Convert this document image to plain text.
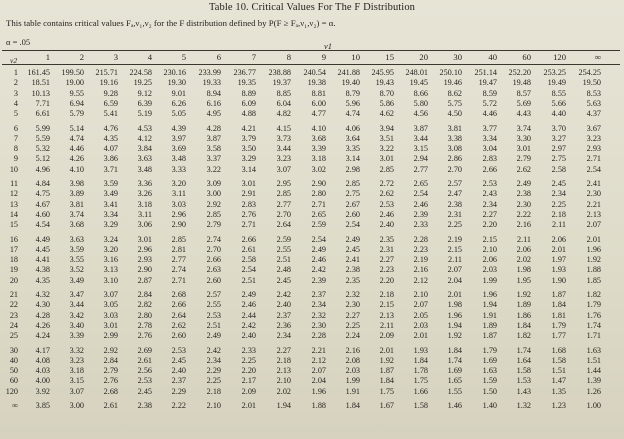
Table 10. Critical Values For The F Distribution
This table contains critical values Fₐ,ν₁,ν₂ for the F distribution defined by P(F ≥ Fₐ,ν₁,ν₂) = α.
α = .05	ν1
ν2	1	2	3	4	5	6	7	8	9	10	15	20	30	40	60	120	∞
1	161.45	199.50	215.71	224.58	230.16	233.99	236.77	238.88	240.54	241.88	245.95	248.01	250.10	251.14	252.20	253.25	254.25
2	18.51	19.00	19.16	19.25	19.30	19.33	19.35	19.37	19.38	19.40	19.43	19.45	19.46	19.47	19.48	19.49	19.50
3	10.13	9.55	9.28	9.12	9.01	8.94	8.89	8.85	8.81	8.79	8.70	8.66	8.62	8.59	8.57	8.55	8.53
4	7.71	6.94	6.59	6.39	6.26	6.16	6.09	6.04	6.00	5.96	5.86	5.80	5.75	5.72	5.69	5.66	5.63
5	6.61	5.79	5.41	5.19	5.05	4.95	4.88	4.82	4.77	4.74	4.62	4.56	4.50	4.46	4.43	4.40	4.37
6	5.99	5.14	4.76	4.53	4.39	4.28	4.21	4.15	4.10	4.06	3.94	3.87	3.81	3.77	3.74	3.70	3.67
7	5.59	4.74	4.35	4.12	3.97	3.87	3.79	3.73	3.68	3.64	3.51	3.44	3.38	3.34	3.30	3.27	3.23
8	5.32	4.46	4.07	3.84	3.69	3.58	3.50	3.44	3.39	3.35	3.22	3.15	3.08	3.04	3.01	2.97	2.93
9	5.12	4.26	3.86	3.63	3.48	3.37	3.29	3.23	3.18	3.14	3.01	2.94	2.86	2.83	2.79	2.75	2.71
10	4.96	4.10	3.71	3.48	3.33	3.22	3.14	3.07	3.02	2.98	2.85	2.77	2.70	2.66	2.62	2.58	2.54
11	4.84	3.98	3.59	3.36	3.20	3.09	3.01	2.95	2.90	2.85	2.72	2.65	2.57	2.53	2.49	2.45	2.41
12	4.75	3.89	3.49	3.26	3.11	3.00	2.91	2.85	2.80	2.75	2.62	2.54	2.47	2.43	2.38	2.34	2.30
13	4.67	3.81	3.41	3.18	3.03	2.92	2.83	2.77	2.71	2.67	2.53	2.46	2.38	2.34	2.30	2.25	2.21
14	4.60	3.74	3.34	3.11	2.96	2.85	2.76	2.70	2.65	2.60	2.46	2.39	2.31	2.27	2.22	2.18	2.13
15	4.54	3.68	3.29	3.06	2.90	2.79	2.71	2.64	2.59	2.54	2.40	2.33	2.25	2.20	2.16	2.11	2.07
16	4.49	3.63	3.24	3.01	2.85	2.74	2.66	2.59	2.54	2.49	2.35	2.28	2.19	2.15	2.11	2.06	2.01
17	4.45	3.59	3.20	2.96	2.81	2.70	2.61	2.55	2.49	2.45	2.31	2.23	2.15	2.10	2.06	2.01	1.96
18	4.41	3.55	3.16	2.93	2.77	2.66	2.58	2.51	2.46	2.41	2.27	2.19	2.11	2.06	2.02	1.97	1.92
19	4.38	3.52	3.13	2.90	2.74	2.63	2.54	2.48	2.42	2.38	2.23	2.16	2.07	2.03	1.98	1.93	1.88
20	4.35	3.49	3.10	2.87	2.71	2.60	2.51	2.45	2.39	2.35	2.20	2.12	2.04	1.99	1.95	1.90	1.85
21	4.32	3.47	3.07	2.84	2.68	2.57	2.49	2.42	2.37	2.32	2.18	2.10	2.01	1.96	1.92	1.87	1.82
22	4.30	3.44	3.05	2.82	2.66	2.55	2.46	2.40	2.34	2.30	2.15	2.07	1.98	1.94	1.89	1.84	1.79
23	4.28	3.42	3.03	2.80	2.64	2.53	2.44	2.37	2.32	2.27	2.13	2.05	1.96	1.91	1.86	1.81	1.76
24	4.26	3.40	3.01	2.78	2.62	2.51	2.42	2.36	2.30	2.25	2.11	2.03	1.94	1.89	1.84	1.79	1.74
25	4.24	3.39	2.99	2.76	2.60	2.49	2.40	2.34	2.28	2.24	2.09	2.01	1.92	1.87	1.82	1.77	1.71
30	4.17	3.32	2.92	2.69	2.53	2.42	2.33	2.27	2.21	2.16	2.01	1.93	1.84	1.79	1.74	1.68	1.63
40	4.08	3.23	2.84	2.61	2.45	2.34	2.25	2.18	2.12	2.08	1.92	1.84	1.74	1.69	1.64	1.58	1.51
50	4.03	3.18	2.79	2.56	2.40	2.29	2.20	2.13	2.07	2.03	1.87	1.78	1.69	1.63	1.58	1.51	1.44
60	4.00	3.15	2.76	2.53	2.37	2.25	2.17	2.10	2.04	1.99	1.84	1.75	1.65	1.59	1.53	1.47	1.39
120	3.92	3.07	2.68	2.45	2.29	2.18	2.09	2.02	1.96	1.91	1.75	1.66	1.55	1.50	1.43	1.35	1.26
∞	3.85	3.00	2.61	2.38	2.22	2.10	2.01	1.94	1.88	1.84	1.67	1.58	1.46	1.40	1.32	1.23	1.00
